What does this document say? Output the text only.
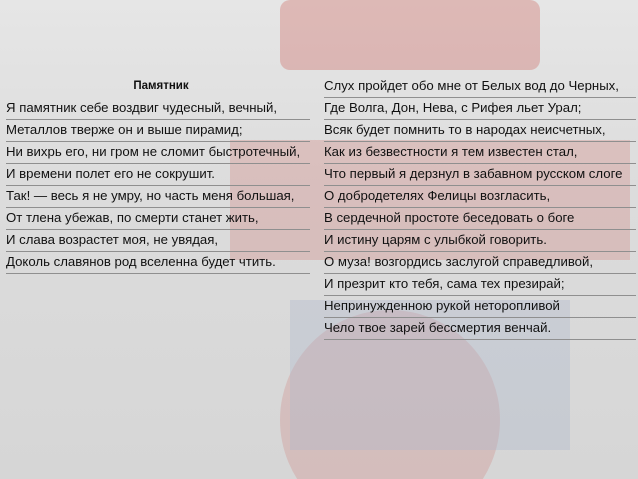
Памятник

Я памятник себе воздвиг чудесный, вечный,

Металлов тверже он и выше пирамид;

Ни вихрь его, ни гром не сломит быстротечный,

И времени полет его не сокрушит.

Так! — весь я не умру, но часть меня большая,

От тлена убежав, по смерти станет жить,

И слава возрастет моя, не увядая,

Доколь славянов род вселенна будет чтить.

Слух пройдет обо мне от Белых вод до Черных,

Где Волга, Дон, Нева, с Рифея льет Урал;

Всяк будет помнить то в народах неисчетных,

Как из безвестности я тем известен стал,

Что первый я дерзнул в забавном русском слоге

О добродетелях Фелицы возгласить,

В сердечной простоте беседовать о боге

И истину царям с улыбкой говорить.

О муза! возгордись заслугой справедливой,

И презрит кто тебя, сама тех презирай;

Непринужденною рукой неторопливой

Чело твое зарей бессмертия венчай.
